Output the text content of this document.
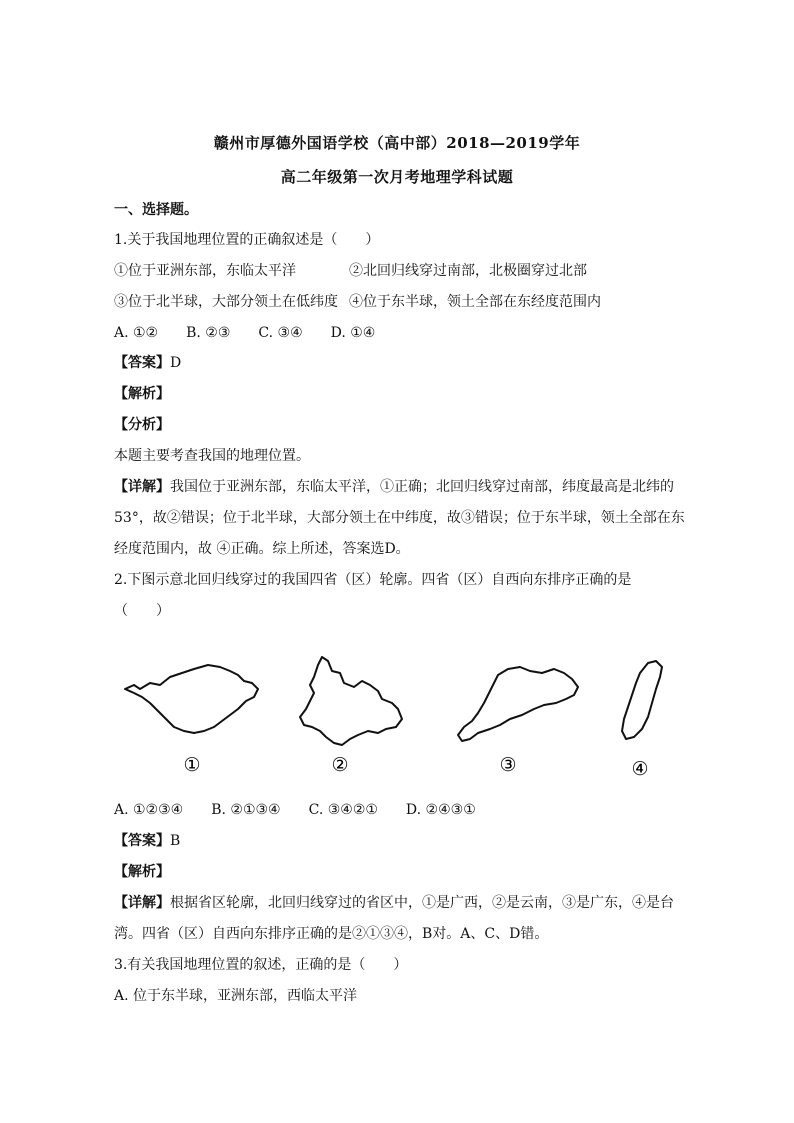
赣州市厚德外国语学校（高中部）2018—2019学年
高二年级第一次月考地理学科试题
一、选择题。
1.关于我国地理位置的正确叙述是（　　）
①位于亚洲东部，东临太平洋	②北回归线穿过南部，北极圈穿过北部
③位于北半球，大部分领土在低纬度 ④位于东半球，领土全部在东经度范围内
A. ①②　　B. ②③　　C. ③④　　D. ①④
【答案】D
【解析】
【分析】
本题主要考查我国的地理位置。
【详解】我国位于亚洲东部，东临太平洋，①正确；北回归线穿过南部，纬度最高是北纬的
53°，故②错误；位于北半球，大部分领土在中纬度，故③错误；位于东半球，领土全部在东
经度范围内，故 ④正确。综上所述，答案选D。
2.下图示意北回归线穿过的我国四省（区）轮廓。四省（区）自西向东排序正确的是
（　　）
①	②	③	④
A. ①②③④　　B. ②①③④　　C. ③④②①　　D. ②④③①
【答案】B
【解析】
【详解】根据省区轮廓，北回归线穿过的省区中，①是广西，②是云南，③是广东，④是台
湾。四省（区）自西向东排序正确的是②①③④，B对。A、C、D错。
3.有关我国地理位置的叙述，正确的是（　　）
A. 位于东半球，亚洲东部，西临太平洋
